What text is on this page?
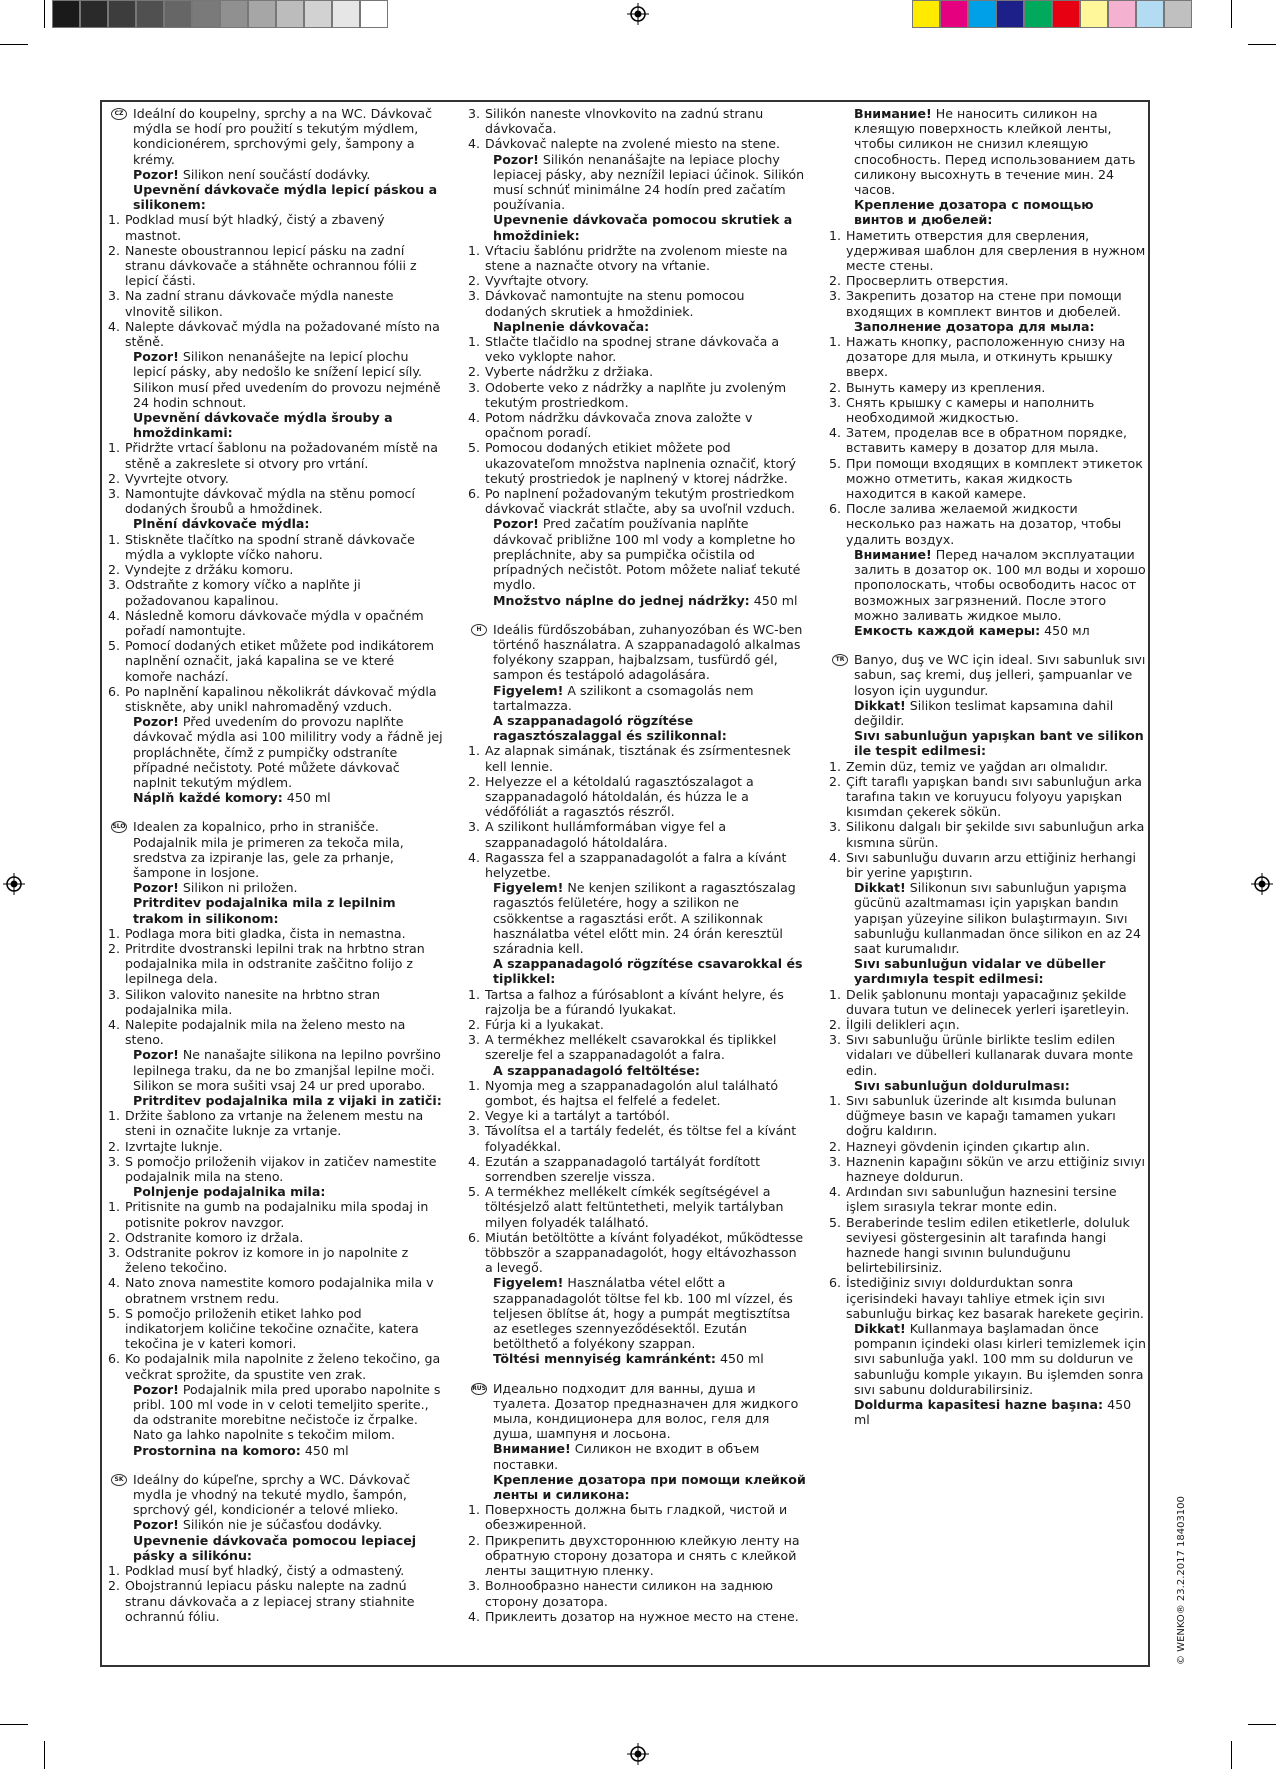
CZ Ideální do koupelny, sprchy a na WC. Dávkovač mýdla se hodí pro použití s tekutým mýdlem, kondicionérem, sprchovými gely, šampony a krémy.

Pozor! Silikon není součástí dodávky.

Upevnění dávkovače mýdla lepicí páskou a silikonem:

1. Podklad musí být hladký, čistý a zbavený mastnot.
2. Naneste oboustrannou lepicí pásku na zadní stranu dávkovače a stáhněte ochrannou fólii z lepicí části.
3. Na zadní stranu dávkovače mýdla naneste vlnovitě silikon.
4. Nalepte dávkovač mýdla na požadované místo na stěně.

Pozor! Silikon nenanášejte na lepicí plochu lepicí pásky, aby nedošlo ke snížení lepicí síly. Silikon musí před uvedením do provozu nejméně 24 hodin schnout.

Upevnění dávkovače mýdla šrouby a hmoždinkami:

1. Přidržte vrtací šablonu na požadovaném místě na stěně a zakreslete si otvory pro vrtání.
2. Vyvrtejte otvory.
3. Namontujte dávkovač mýdla na stěnu pomocí dodaných šroubů a hmoždinek.

Plnění dávkovače mýdla:

1. Stiskněte tlačítko na spodní straně dávkovače mýdla a vyklopte víčko nahoru.
2. Vyndejte z držáku komoru.
3. Odstraňte z komory víčko a naplňte ji požadovanou kapalinou.
4. Následně komoru dávkovače mýdla v opačném pořadí namontujte.
5. Pomocí dodaných etiket můžete pod indikátorem naplnění označit, jaká kapalina se ve které komoře nachází.
6. Po naplnění kapalinou několikrát dávkovač mýdla stiskněte, aby unikl nahromaděný vzduch.

Pozor! Před uvedením do provozu naplňte dávkovač mýdla asi 100 mililitry vody a řádně jej propláchněte, čímž z pumpičky odstraníte případné nečistoty. Poté můžete dávkovač naplnit tekutým mýdlem.

Náplň každé komory: 450 ml

SLO Idealen za kopalnico, prho in stranišče. Podajalnik mila je primeren za tekoča mila, sredstva za izpiranje las, gele za prhanje, šampone in losjone.

Pozor! Silikon ni priložen.

Pritrditev podajalnika mila z lepilnim trakom in silikonom:

1. Podlaga mora biti gladka, čista in nemastna.
2. Pritrdite dvostranski lepilni trak na hrbtno stran podajalnika mila in odstranite zaščitno folijo z lepilnega dela.
3. Silikon valovito nanesite na hrbtno stran podajalnika mila.
4. Nalepite podajalnik mila na želeno mesto na steno.

Pozor! Ne nanašajte silikona na lepilno površino lepilnega traku, da ne bo zmanjšal lepilne moči. Silikon se mora sušiti vsaj 24 ur pred uporabo.

Pritrditev podajalnika mila z vijaki in zatiči:

1. Držite šablono za vrtanje na želenem mestu na steni in označite luknje za vrtanje.
2. Izvrtajte luknje.
3. S pomočjo priloženih vijakov in zatičev namestite podajalnik mila na steno.

Polnjenje podajalnika mila:

1. Pritisnite na gumb na podajalniku mila spodaj in potisnite pokrov navzgor.
2. Odstranite komoro iz držala.
3. Odstranite pokrov iz komore in jo napolnite z želeno tekočino.
4. Nato znova namestite komoro podajalnika mila v obratnem vrstnem redu.
5. S pomočjo priloženih etiket lahko pod indikatorjem količine tekočine označite, katera tekočina je v kateri komori.
6. Ko podajalnik mila napolnite z želeno tekočino, ga večkrat sprožite, da spustite ven zrak.

Pozor! Podajalnik mila pred uporabo napolnite s pribl. 100 ml vode in v celoti temeljito sperite., da odstranite morebitne nečistoče iz črpalke. Nato ga lahko napolnite s tekočim milom.

Prostornina na komoro: 450 ml

SK Ideálny do kúpeľne, sprchy a WC. Dávkovač mydla je vhodný na tekuté mydlo, šampón, sprchový gél, kondicionér a telové mlieko.

Pozor! Silikón nie je súčasťou dodávky.

Upevnenie dávkovača pomocou lepiacej pásky a silikónu:

1. Podklad musí byť hladký, čistý a odmastený.
2. Obojstrannú lepiacu pásku nalepte na zadnú stranu dávkovača a z lepiacej strany stiahnite ochrannú fóliu.
3. Silikón naneste vlnovkovito na zadnú stranu dávkovača.
4. Dávkovač nalepte na zvolené miesto na stene.

Pozor! Silikón nenanášajte na lepiace plochy lepiacej pásky, aby neznížil lepiaci účinok. Silikón musí schnúť minimálne 24 hodín pred začatím používania.

Upevnenie dávkovača pomocou skrutiek a hmoždiniek:

1. Vŕtaciu šablónu pridržte na zvolenom mieste na stene a naznačte otvory na vŕtanie.
2. Vyvŕtajte otvory.
3. Dávkovač namontujte na stenu pomocou dodaných skrutiek a hmoždiniek.

Naplnenie dávkovača:

1. Stlačte tlačidlo na spodnej strane dávkovača a veko vyklopte nahor.
2. Vyberte nádržku z držiaka.
3. Odoberte veko z nádržky a naplňte ju zvoleným tekutým prostriedkom.
4. Potom nádržku dávkovača znova založte v opačnom poradí.
5. Pomocou dodaných etikiet môžete pod ukazovateľom množstva naplnenia označiť, ktorý tekutý prostriedok je naplnený v ktorej nádržke.
6. Po naplnení požadovaným tekutým prostriedkom dávkovač viackrát stlačte, aby sa uvoľnil vzduch.

Pozor! Pred začatím používania naplňte dávkovač približne 100 ml vody a kompletne ho prepláchnite, aby sa pumpička očistila od prípadných nečistôt. Potom môžete naliať tekuté mydlo.

Množstvo náplne do jednej nádržky: 450 ml

H Ideális fürdőszobában, zuhanyozóban és WC-ben történő használatra. A szappanadagoló alkalmas folyékony szappan, hajbalzsam, tusfürdő gél, sampon és testápoló adagolására.

Figyelem! A szilikont a csomagolás nem tartalmazza.

A szappanadagoló rögzítése ragasztószalaggal és szilikonnal:

1. Az alapnak simának, tisztának és zsírmentesnek kell lennie.
2. Helyezze el a kétoldalú ragasztószalagot a szappanadagoló hátoldalán, és húzza le a védőfóliát a ragasztós részről.
3. A szilikont hullámformában vigye fel a szappanadagoló hátoldalára.
4. Ragassza fel a szappanadagolót a falra a kívánt helyzetbe.

Figyelem! Ne kenjen szilikont a ragasztószalag ragasztós felületére, hogy a szilikon ne csökkentse a ragasztási erőt. A szilikonnak használatba vétel előtt min. 24 órán keresztül száradnia kell.

A szappanadagoló rögzítése csavarokkal és tiplikkel:

1. Tartsa a falhoz a fúrósablont a kívánt helyre, és rajzolja be a fúrandó lyukakat.
2. Fúrja ki a lyukakat.
3. A termékhez mellékelt csavarokkal és tiplikkel szerelje fel a szappanadagolót a falra.

A szappanadagoló feltöltése:

1. Nyomja meg a szappanadagolón alul található gombot, és hajtsa el felfelé a fedelet.
2. Vegye ki a tartályt a tartóból.
3. Távolítsa el a tartály fedelét, és töltse fel a kívánt folyadékkal.
4. Ezután a szappanadagoló tartályát fordított sorrendben szerelje vissza.
5. A termékhez mellékelt címkék segítségével a töltésjelző alatt feltüntetheti, melyik tartályban milyen folyadék található.
6. Miután betöltötte a kívánt folyadékot, működtesse többször a szappanadagolót, hogy eltávozhasson a levegő.

Figyelem! Használatba vétel előtt a szappanadagolót töltse fel kb. 100 ml vízzel, és teljesen öblítse át, hogy a pumpát megtisztítsa az esetleges szennyeződésektől. Ezután betölthető a folyékony szappan.

Töltési mennyiség kamránként: 450 ml

RUS Идеально подходит для ванны, душа и туалета. Дозатор предназначен для жидкого мыла, кондиционера для волос, геля для душа, шампуня и лосьона.

Внимание! Силикон не входит в объем поставки.

Крепление дозатора при помощи клейкой ленты и силикона:

1. Поверхность должна быть гладкой, чистой и обезжиренной.
2. Прикрепить двухстороннюю клейкую ленту на обратную сторону дозатора и снять с клейкой ленты защитную пленку.
3. Волнообразно нанести силикон на заднюю сторону дозатора.
4. Приклеить дозатор на нужное место на стене.

Внимание! Не наносить силикон на клеящую поверхность клейкой ленты, чтобы силикон не снизил клеящую способность. Перед использованием дать силикону высохнуть в течение мин. 24 часов.

Крепление дозатора с помощью винтов и дюбелей:

1. Наметить отверстия для сверления, удерживая шаблон для сверления в нужном месте стены.
2. Просверлить отверстия.
3. Закрепить дозатор на стене при помощи входящих в комплект винтов и дюбелей.

Заполнение дозатора для мыла:

1. Нажать кнопку, расположенную снизу на дозаторе для мыла, и откинуть крышку вверх.
2. Вынуть камеру из крепления.
3. Снять крышку с камеры и наполнить необходимой жидкостью.
4. Затем, проделав все в обратном порядке, вставить камеру в дозатор для мыла.
5. При помощи входящих в комплект этикеток можно отметить, какая жидкость находится в какой камере.
6. После залива желаемой жидкости несколько раз нажать на дозатор, чтобы удалить воздух.

Внимание! Перед началом эксплуатации залить в дозатор ок. 100 мл воды и хорошо прополоскать, чтобы освободить насос от возможных загрязнений. После этого можно заливать жидкое мыло.

Емкость каждой камеры: 450 мл

TR Banyo, duş ve WC için ideal. Sıvı sabunluk sıvı sabun, saç kremi, duş jelleri, şampuanlar ve losyon için uygundur.

Dikkat! Silikon teslimat kapsamına dahil değildir.

Sıvı sabunluğun yapışkan bant ve silikon ile tespit edilmesi:

1. Zemin düz, temiz ve yağdan arı olmalıdır.
2. Çift taraflı yapışkan bandı sıvı sabunluğun arka tarafına takın ve koruyucu folyoyu yapışkan kısımdan çekerek sökün.
3. Silikonu dalgalı bir şekilde sıvı sabunluğun arka kısmına sürün.
4. Sıvı sabunluğu duvarın arzu ettiğiniz herhangi bir yerine yapıştırın.

Dikkat! Silikonun sıvı sabunluğun yapışma gücünü azaltmaması için yapışkan bandın yapışan yüzeyine silikon bulaştırmayın. Sıvı sabunluğu kullanmadan önce silikon en az 24 saat kurumalıdır.

Sıvı sabunluğun vidalar ve dübeller yardımıyla tespit edilmesi:

1. Delik şablonunu montajı yapacağınız şekilde duvara tutun ve delinecek yerleri işaretleyin.
2. İlgili delikleri açın.
3. Sıvı sabunluğu ürünle birlikte teslim edilen vidaları ve dübelleri kullanarak duvara monte edin.

Sıvı sabunluğun doldurulması:

1. Sıvı sabunluk üzerinde alt kısımda bulunan düğmeye basın ve kapağı tamamen yukarı doğru kaldırın.
2. Hazneyi gövdenin içinden çıkartıp alın.
3. Haznenin kapağını sökün ve arzu ettiğiniz sıvıyı hazneye doldurun.
4. Ardından sıvı sabunluğun haznesini tersine işlem sırasıyla tekrar monte edin.
5. Beraberinde teslim edilen etiketlerle, doluluk seviyesi göstergesinin alt tarafında hangi haznede hangi sıvının bulunduğunu belirtebilirsiniz.
6. İstediğiniz sıvıyı doldurduktan sonra içerisindeki havayı tahliye etmek için sıvı sabunluğu birkaç kez basarak harekete geçirin.

Dikkat! Kullanmaya başlamadan önce pompanın içindeki olası kirleri temizlemek için sıvı sabunluğa yakl. 100 mm su doldurun ve sabunluğu komple yıkayın. Bu işlemden sonra sıvı sabunu doldurabilirsiniz.

Doldurma kapasitesi hazne başına: 450 ml

© WENKO® 23.2.2017 18403100
